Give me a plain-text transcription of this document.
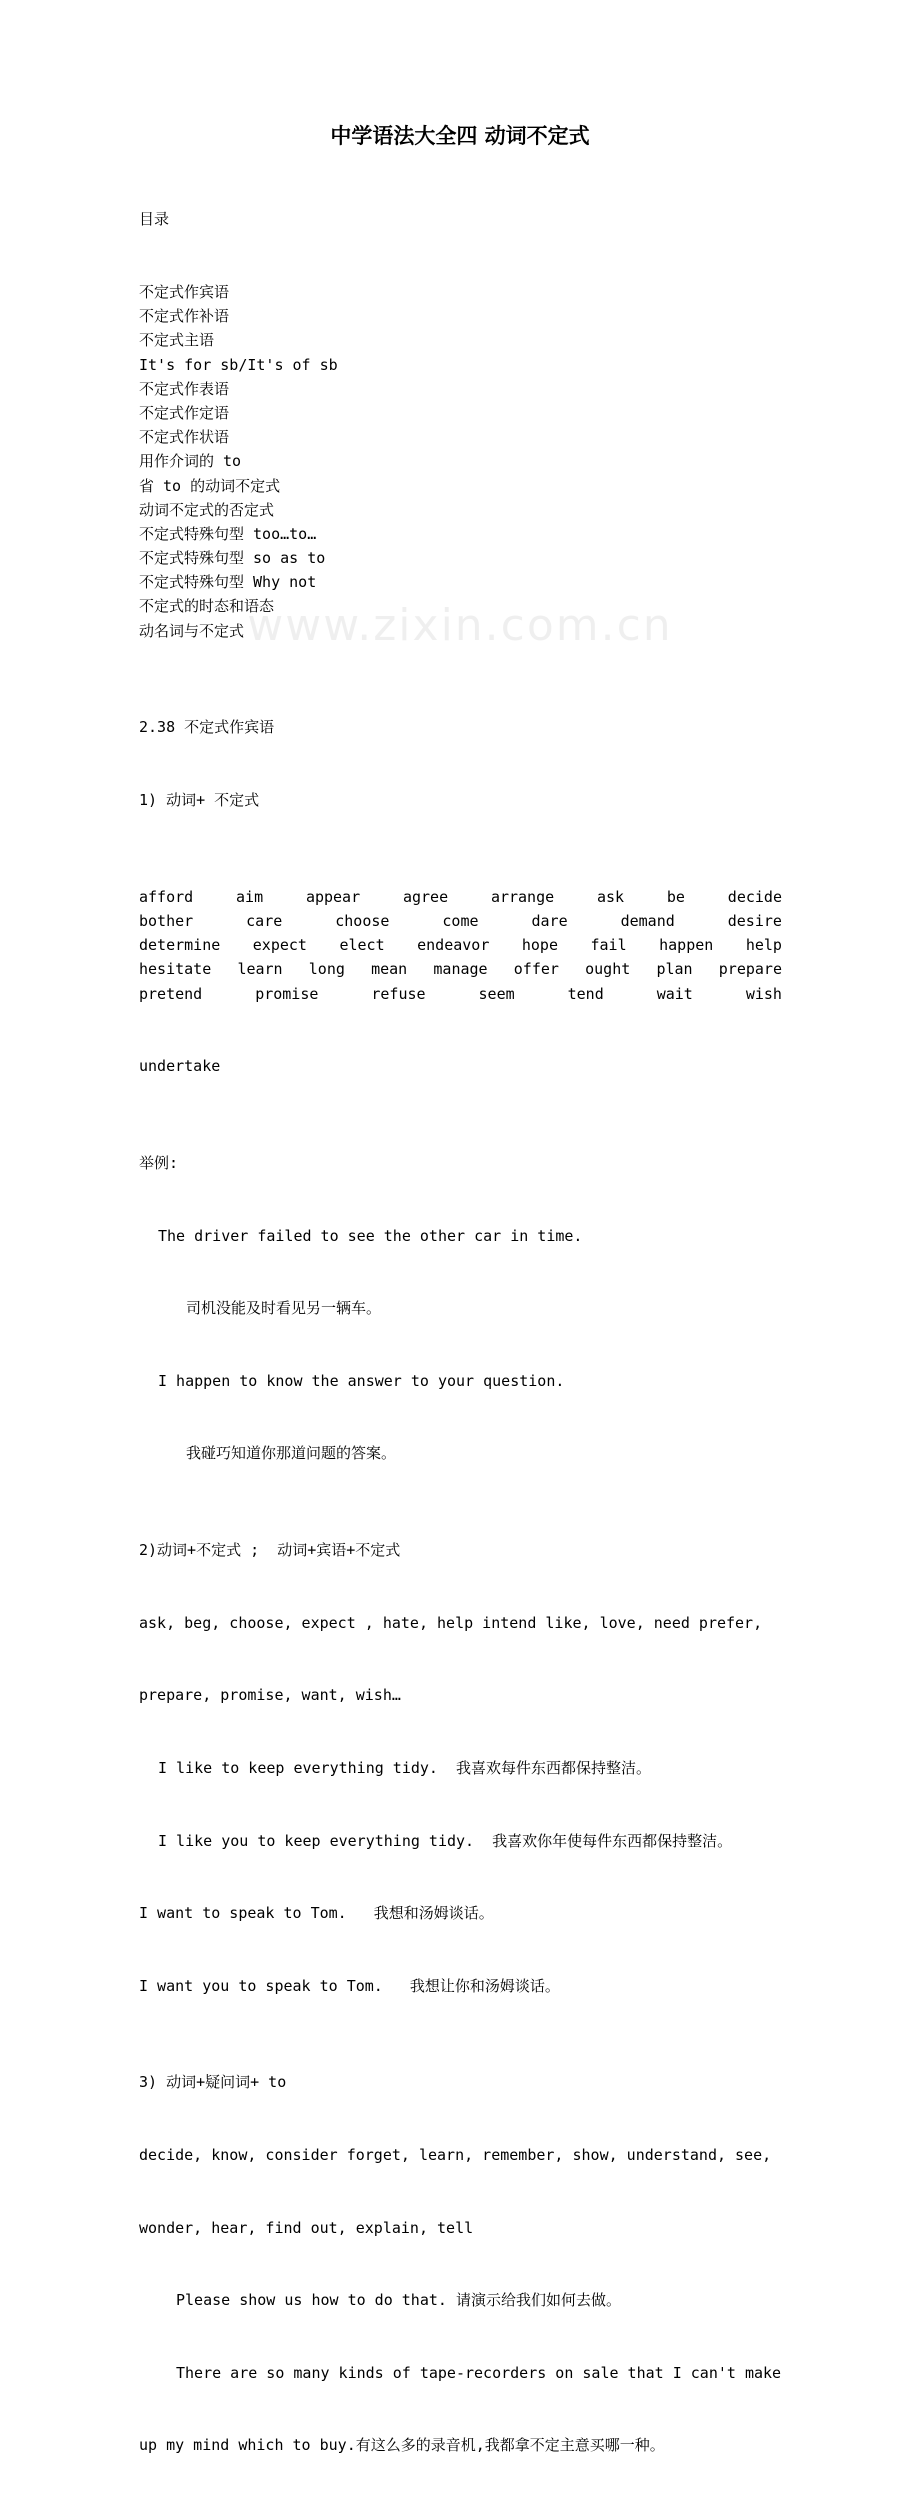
www.zixin.com.cn
中学语法大全四 动词不定式

目录

不定式作宾语
不定式作补语
不定式主语
It's for sb/It's of sb
不定式作表语
不定式作定语
不定式作状语
用作介词的 to
省 to 的动词不定式
动词不定式的否定式
不定式特殊句型 too…to…
不定式特殊句型 so as to
不定式特殊句型 Why not
不定式的时态和语态
动名词与不定式

2.38 不定式作宾语

1) 动词+ 不定式

afford	aim	appear	agree	arrange	ask	be	decide
bother	care	choose	come	dare	demand	desire
determine expect elect endeavor hope fail happen help
hesitate learn long mean manage offer ought plan prepare
pretend	promise	refuse	seem	tend	wait	wish

undertake

举例:

The driver failed to see the other car in time.

司机没能及时看见另一辆车。

I happen to know the answer to your question.

我碰巧知道你那道问题的答案。

2)动词+不定式 ;  动词+宾语+不定式

ask, beg, choose, expect , hate, help intend like, love, need prefer,

prepare, promise, want, wish…

I like to keep everything tidy.  我喜欢每件东西都保持整洁。

I like you to keep everything tidy.  我喜欢你年使每件东西都保持整洁。

I want to speak to Tom.   我想和汤姆谈话。

I want you to speak to Tom.   我想让你和汤姆谈话。

3) 动词+疑问词+ to

decide, know, consider forget, learn, remember, show, understand, see,

wonder, hear, find out, explain, tell

Please show us how to do that. 请演示给我们如何去做。

There are so many kinds of tape-recorders on sale that I can't make

up my mind which to buy.有这么多的录音机,我都拿不定主意买哪一种。
